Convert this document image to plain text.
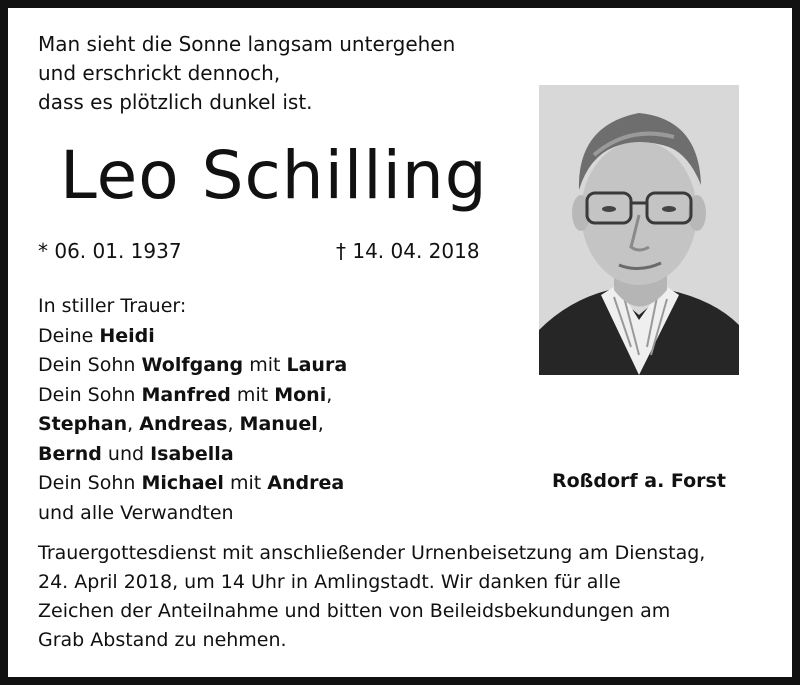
Man sieht die Sonne langsam untergehen
und erschrickt dennoch,
dass es plötzlich dunkel ist.
Leo Schilling
* 06. 01. 1937	† 14. 04. 2018
In stiller Trauer:
Deine Heidi
Dein Sohn Wolfgang mit Laura
Dein Sohn Manfred mit Moni,
Stephan, Andreas, Manuel,
Bernd und Isabella
Dein Sohn Michael mit Andrea
und alle Verwandten
Roßdorf a. Forst
Trauergottesdienst mit anschließender Urnenbeisetzung am Dienstag,
24. April 2018, um 14 Uhr in Amlingstadt. Wir danken für alle
Zeichen der Anteilnahme und bitten von Beileidsbekundungen am
Grab Abstand zu nehmen.
